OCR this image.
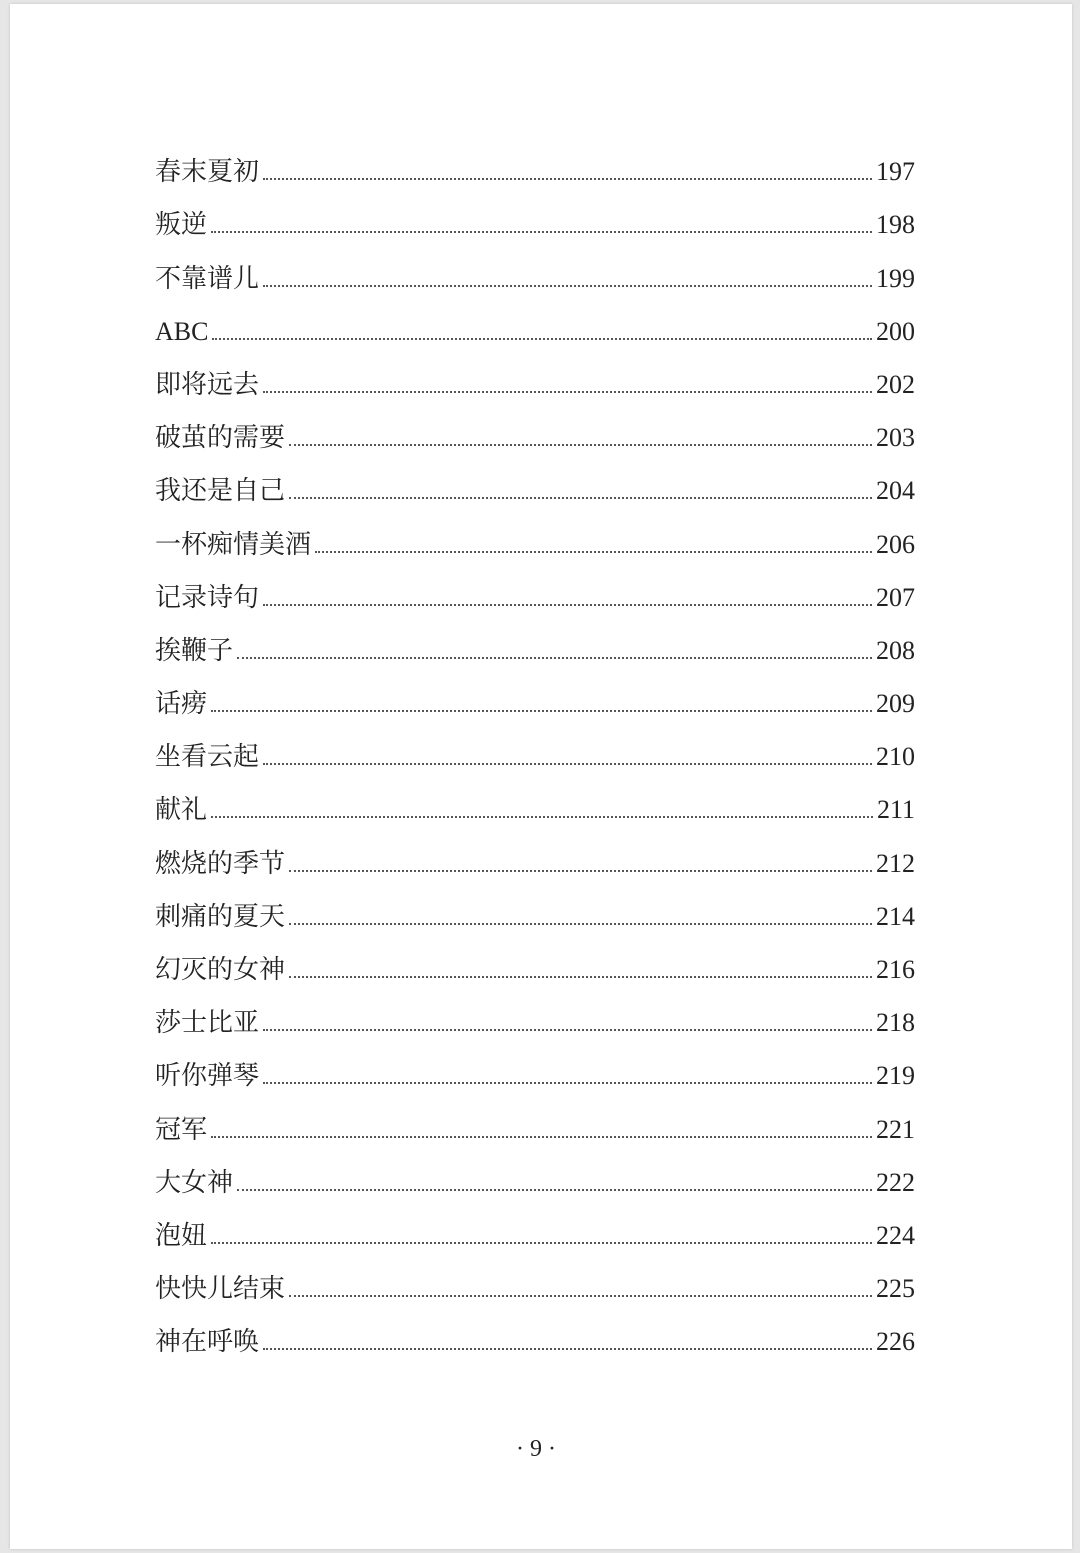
春末夏初	197
叛逆	198
不靠谱儿	199
ABC	200
即将远去	202
破茧的需要	203
我还是自己	204
一杯痴情美酒	206
记录诗句	207
挨鞭子	208
话痨	209
坐看云起	210
献礼	211
燃烧的季节	212
刺痛的夏天	214
幻灭的女神	216
莎士比亚	218
听你弹琴	219
冠军	221
大女神	222
泡妞	224
快快儿结束	225
神在呼唤	226
· 9 ·
